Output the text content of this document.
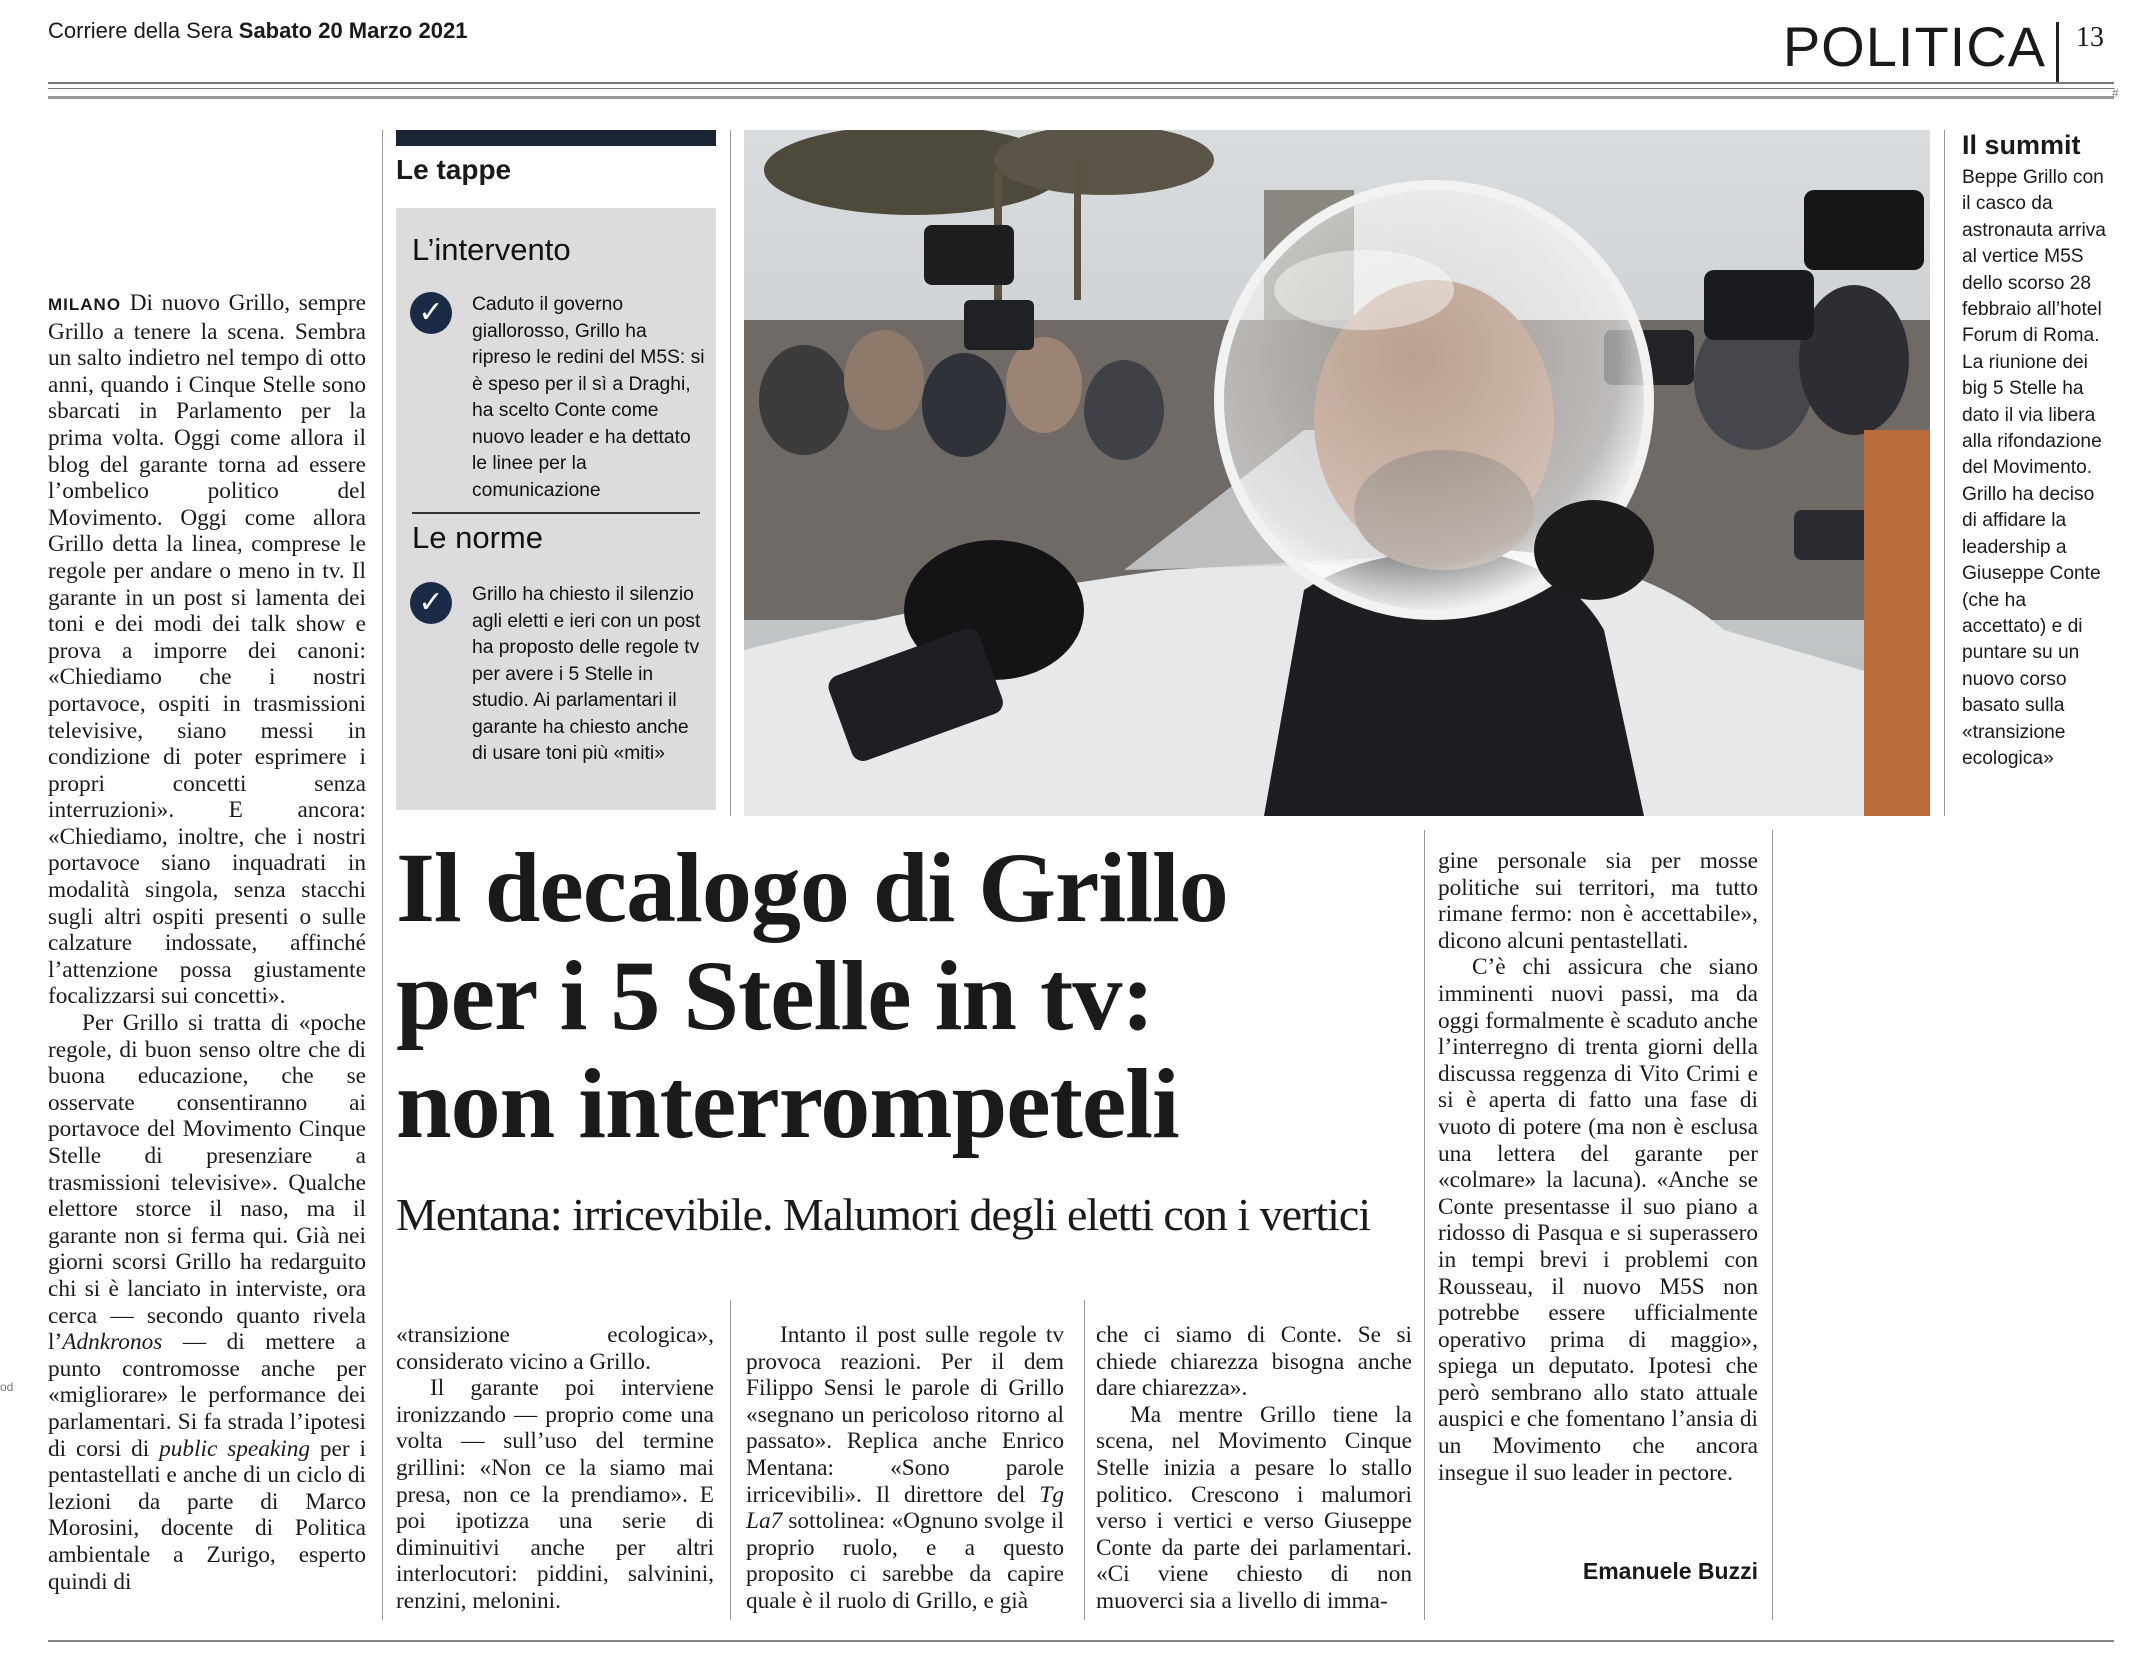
Corriere della Sera Sabato 20 Marzo 2021	POLITICA 13
#
od

MILANO Di nuovo Grillo, sempre Grillo a tenere la scena. Sembra un salto indietro nel tempo di otto anni, quando i Cinque Stelle sono sbarcati in Parlamento per la prima volta. Oggi come allora il blog del garante torna ad essere l’ombelico politico del Movimento. Oggi come allora Grillo detta la linea, comprese le regole per andare o meno in tv. Il garante in un post si lamenta dei toni e dei modi dei talk show e prova a imporre dei canoni: «Chiediamo che i nostri portavoce, ospiti in trasmissioni televisive, siano messi in condizione di poter esprimere i propri concetti senza interruzioni». E ancora: «Chiediamo, inoltre, che i nostri portavoce siano inquadrati in modalità singola, senza stacchi sugli altri ospiti presenti o sulle calzature indossate, affinché l’attenzione possa giustamente focalizzarsi sui concetti».

Per Grillo si tratta di «poche regole, di buon senso oltre che di buona educazione, che se osservate consentiranno ai portavoce del Movimento Cinque Stelle di presenziare a trasmissioni televisive». Qualche elettore storce il naso, ma il garante non si ferma qui. Già nei giorni scorsi Grillo ha redarguito chi si è lanciato in interviste, ora cerca — secondo quanto rivela l’Adnkronos — di mettere a punto contromosse anche per «migliorare» le performance dei parlamentari. Si fa strada l’ipotesi di corsi di public speaking per i pentastellati e anche di un ciclo di lezioni da parte di Marco Morosini, docente di Politica ambientale a Zurigo, esperto quindi di

Le tappe
L’intervento
✓	Caduto il governo giallorosso, Grillo ha ripreso le redini del M5S: si è speso per il sì a Draghi, ha scelto Conte come nuovo leader e ha dettato le linee per la comunicazione
Le norme
✓	Grillo ha chiesto il silenzio agli eletti e ieri con un post ha proposto delle regole tv per avere i 5 Stelle in studio. Ai parlamentari il garante ha chiesto anche di usare toni più «miti»
Il summit
Beppe Grillo con il casco da astronauta arriva al vertice M5S dello scorso 28 febbraio all’hotel Forum di Roma. La riunione dei big 5 Stelle ha dato il via libera alla rifondazione del Movimento. Grillo ha deciso di affidare la leadership a Giuseppe Conte (che ha accettato) e di puntare su un nuovo corso basato sulla «transizione ecologica»
Il decalogo di Grillo
per i 5 Stelle in tv:
non interrompeteli
Mentana: irricevibile. Malumori degli eletti con i vertici

«transizione ecologica», considerato vicino a Grillo.

Il garante poi interviene ironizzando — proprio come una volta — sull’uso del termine grillini: «Non ce la siamo mai presa, non ce la prendiamo». E poi ipotizza una serie di diminuitivi anche per altri interlocutori: piddini, salvinini, renzini, melonini.

Intanto il post sulle regole tv provoca reazioni. Per il dem Filippo Sensi le parole di Grillo «segnano un pericoloso ritorno al passato». Replica anche Enrico Mentana: «Sono parole irricevibili». Il direttore del Tg La7 sottolinea: «Ognuno svolge il proprio ruolo, e a questo proposito ci sarebbe da capire quale è il ruolo di Grillo, e già

che ci siamo di Conte. Se si chiede chiarezza bisogna anche dare chiarezza».

Ma mentre Grillo tiene la scena, nel Movimento Cinque Stelle inizia a pesare lo stallo politico. Crescono i malumori verso i vertici e verso Giuseppe Conte da parte dei parlamentari. «Ci viene chiesto di non muoverci sia a livello di imma-

gine personale sia per mosse politiche sui territori, ma tutto rimane fermo: non è accettabile», dicono alcuni pentastellati.

C’è chi assicura che siano imminenti nuovi passi, ma da oggi formalmente è scaduto anche l’interregno di trenta giorni della discussa reggenza di Vito Crimi e si è aperta di fatto una fase di vuoto di potere (ma non è esclusa una lettera del garante per «colmare» la lacuna). «Anche se Conte presentasse il suo piano a ridosso di Pasqua e si superassero in tempi brevi i problemi con Rousseau, il nuovo M5S non potrebbe essere ufficialmente operativo prima di maggio», spiega un deputato. Ipotesi che però sembrano allo stato attuale auspici e che fomentano l’ansia di un Movimento che ancora insegue il suo leader in pectore.

Emanuele Buzzi
